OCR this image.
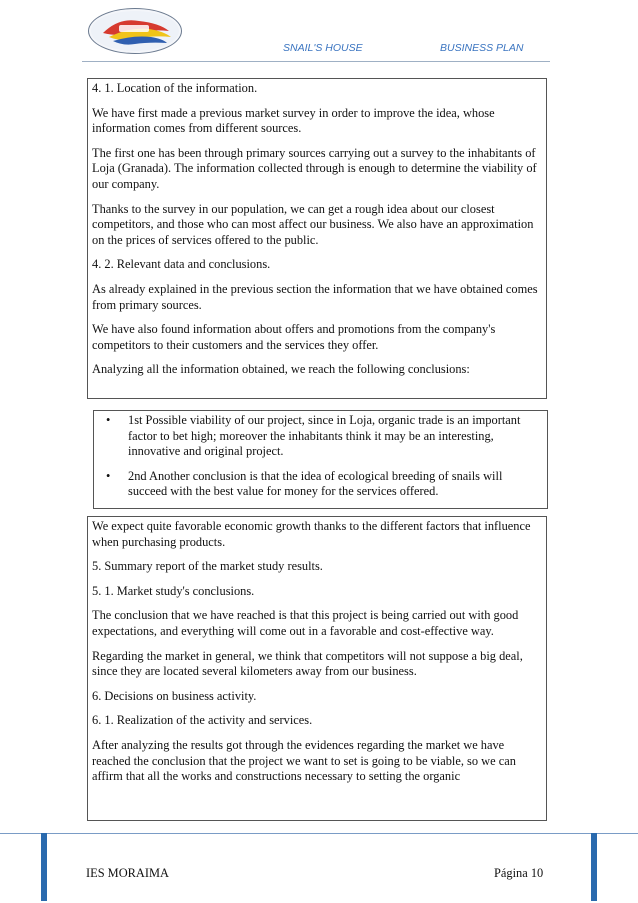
SNAIL'S HOUSE	BUSINESS PLAN

4. 1. Location of the information.

We have first made a previous market survey in order to improve the idea, whose information comes from different sources.

The first one has been through primary sources carrying out a survey to the inhabitants of Loja (Granada). The information collected through is enough to determine the viability of our company.

Thanks to the survey in our population, we can get a rough idea about our closest competitors, and those who can most affect our business. We also have an approximation on the prices of services offered to the public.

4. 2. Relevant data and conclusions.

As already explained in the previous section the information that we have obtained comes from primary sources.

We have also found information about offers and promotions from the company's competitors to their customers and the services they offer.

Analyzing all the information obtained, we reach the following conclusions:

• 1st Possible viability of our project, since in Loja, organic trade is an important factor to bet high; moreover the inhabitants think it may be an interesting, innovative and original project.
• 2nd Another conclusion is that the idea of ecological breeding of snails will succeed with the best value for money for the services offered.

We expect quite favorable economic growth thanks to the different factors that influence when purchasing products.

5. Summary report of the market study results.

5. 1. Market study's conclusions.

The conclusion that we have reached is that this project is being carried out with good expectations, and everything will come out in a favorable and cost-effective way.

Regarding the market in general, we think that competitors will not suppose a big deal, since they are located several kilometers away from our business.

6. Decisions on business activity.

6. 1. Realization of the activity and services.

After analyzing the results got through the evidences regarding the market we have reached the conclusion that the project we want to set is going to be viable, so we can affirm that all the works and constructions necessary to setting the organic

IES MORAIMA	Página 10
